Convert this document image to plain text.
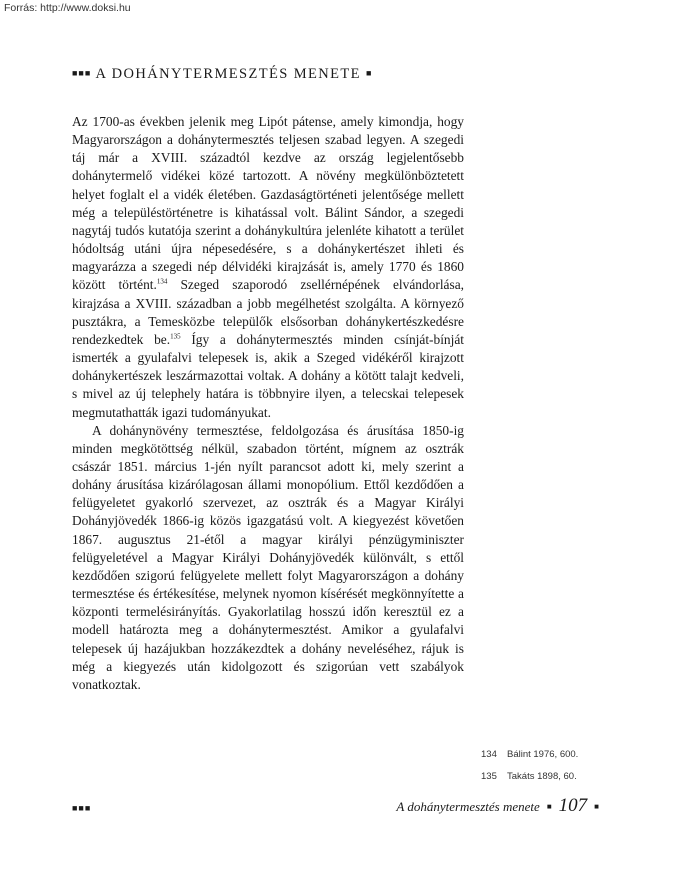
Forrás: http://www.doksi.hu
■■■ A DOHÁNYTERMESZTÉS MENETE ■

Az 1700-as években jelenik meg Lipót pátense, amely kimondja, hogy Magyarországon a dohánytermesztés teljesen szabad legyen. A szegedi táj már a XVIII. századtól kezdve az ország legjelentősebb dohánytermelő vidékei közé tartozott. A növény megkülönböztetett helyet foglalt el a vidék életében. Gazdaságtörténeti jelentősége mellett még a településtörténetre is kihatással volt. Bálint Sándor, a szegedi nagytáj tudós kutatója szerint a dohánykultúra jelenléte kihatott a terület hódoltság utáni újra népesedésére, s a dohánykertészet ihleti és magyarázza a szegedi nép délvidéki kirajzását is, amely 1770 és 1860 között történt.$^{134}$ Szeged szaporodó zsellérnépének elvándorlása, kirajzása a XVIII. században a jobb megélhetést szolgálta. A környező pusztákra, a Temesközbe települők elsősorban dohánykertészkedésre rendezkedtek be.$^{135}$ Így a dohánytermesztés minden csínját-bínját ismerték a gyulafalvi telepesek is, akik a Szeged vidékéről kirajzott dohánykertészek leszármazottai voltak. A dohány a kötött talajt kedveli, s mivel az új telephely határa is többnyire ilyen, a telecskai telepesek megmutathatták igazi tudományukat.

A dohánynövény termesztése, feldolgozása és árusítása 1850-ig minden megkötöttség nélkül, szabadon történt, mígnem az osztrák császár 1851. március 1-jén nyílt parancsot adott ki, mely szerint a dohány árusítása kizárólagosan állami monopólium. Ettől kezdődően a felügyeletet gyakorló szervezet, az osztrák és a Magyar Királyi Dohányjövedék 1866-ig közös igazgatású volt. A kiegyezést követően 1867. augusztus 21-étől a magyar királyi pénzügyminiszter felügyeletével a Magyar Királyi Dohányjövedék különvált, s ettől kezdődően szigorú felügyelete mellett folyt Magyarországon a dohány termesztése és értékesítése, melynek nyomon kísérését megkönnyítette a központi termelésirányítás. Gyakorlatilag hosszú időn keresztül ez a modell határozta meg a dohánytermesztést. Amikor a gyulafalvi telepesek új hazájukban hozzákezdtek a dohány neveléséhez, rájuk is még a kiegyezés után kidolgozott és szigorúan vett szabályok vonatkoztak.

134 Bálint 1976, 600.
135 Takáts 1898, 60.
■■■	A dohánytermesztés menete ■ 107 ■
